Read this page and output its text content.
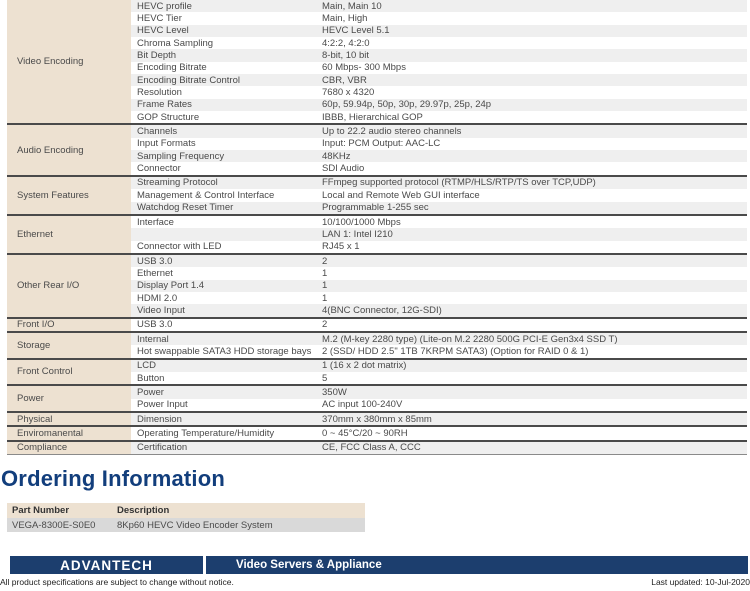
Video Encoding
HEVC profile	Main, Main 10
HEVC Tier	Main, High
HEVC Level	HEVC Level 5.1
Chroma Sampling	4:2:2, 4:2:0
Bit Depth	8-bit, 10 bit
Encoding Bitrate	60 Mbps- 300 Mbps
Encoding Bitrate Control	CBR, VBR
Resolution	7680 x 4320
Frame Rates	60p, 59.94p, 50p, 30p, 29.97p, 25p, 24p
GOP Structure	IBBB, Hierarchical GOP
Audio Encoding
Channels	Up to 22.2 audio stereo channels
Input Formats	Input: PCM Output: AAC-LC
Sampling Frequency	48KHz
Connector	SDI Audio
System Features
Streaming Protocol	FFmpeg supported protocol (RTMP/HLS/RTP/TS over TCP,UDP)
Management & Control Interface	Local and Remote Web GUI interface
Watchdog Reset Timer	Programmable 1-255 sec
Ethernet
Interface	10/100/1000 Mbps
LAN 1: Intel I210
Connector with LED	RJ45 x 1
Other Rear I/O
USB 3.0	2
Ethernet	1
Display Port 1.4	1
HDMI 2.0	1
Video Input	4(BNC Connector, 12G-SDI)
Front I/O	USB 3.0	2
Storage
Internal	M.2 (M-key 2280 type) (Lite-on M.2 2280 500G PCI-E Gen3x4 SSD T)
Hot swappable SATA3 HDD storage bays	2 (SSD/ HDD 2.5" 1TB 7KRPM SATA3) (Option for RAID 0 & 1)
Front Control
LCD	1 (16 x 2 dot matrix)
Button	5
Power
Power	350W
Power Input	AC input 100-240V
Physical	Dimension	370mm x 380mm x 85mm
Enviromanental	Operating Temperature/Humidity	0 ~ 45°C/20 ~ 90RH
Compliance	Certification	CE, FCC Class A, CCC
Ordering Information
Part Number	Description
VEGA-8300E-S0E0	8Kp60 HEVC Video Encoder System
ADVANTECH	Video Servers & Appliance
All product specifications are subject to change without notice.	Last updated: 10-Jul-2020
